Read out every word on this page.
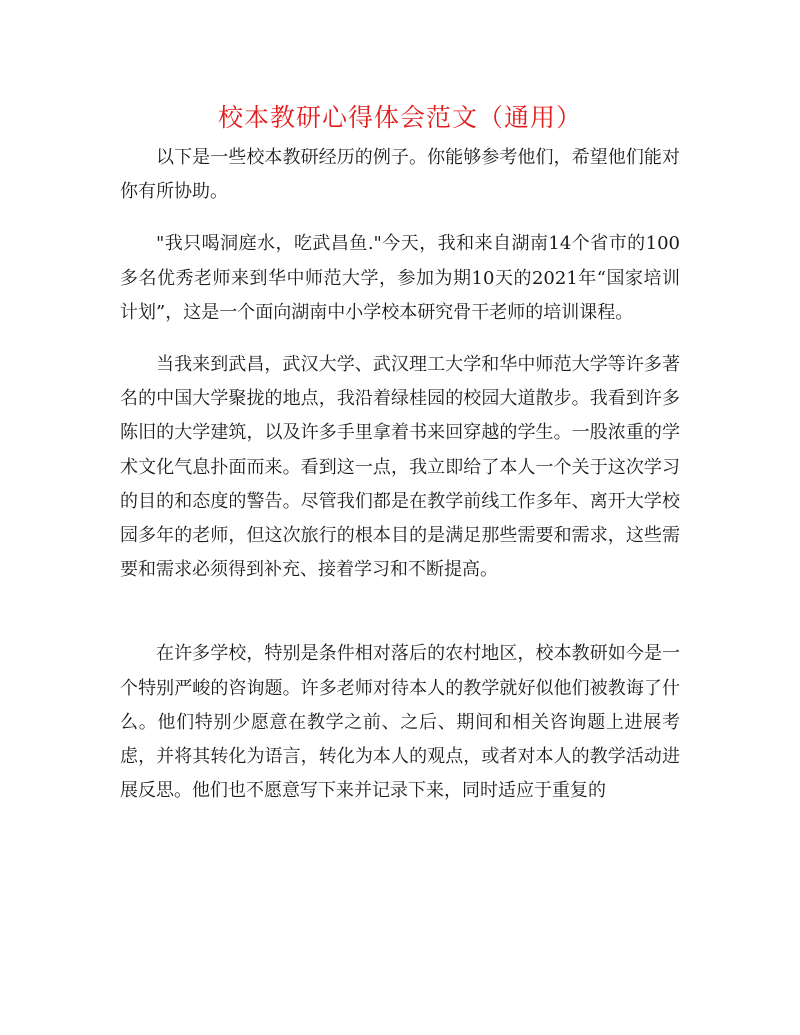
校本教研心得体会范文（通用）

以下是一些校本教研经历的例子。你能够参考他们，希望他们能对你有所协助。

"我只喝洞庭水，吃武昌鱼."今天，我和来自湖南14个省市的100多名优秀老师来到华中师范大学，参加为期10天的2021年“国家培训计划”，这是一个面向湖南中小学校本研究骨干老师的培训课程。

当我来到武昌，武汉大学、武汉理工大学和华中师范大学等许多著名的中国大学聚拢的地点，我沿着绿桂园的校园大道散步。我看到许多陈旧的大学建筑，以及许多手里拿着书来回穿越的学生。一股浓重的学术文化气息扑面而来。看到这一点，我立即给了本人一个关于这次学习的目的和态度的警告。尽管我们都是在教学前线工作多年、离开大学校园多年的老师，但这次旅行的根本目的是满足那些需要和需求，这些需要和需求必须得到补充、接着学习和不断提高。

在许多学校，特别是条件相对落后的农村地区，校本教研如今是一个特别严峻的咨询题。许多老师对待本人的教学就好似他们被教诲了什么。他们特别少愿意在教学之前、之后、期间和相关咨询题上进展考虑，并将其转化为语言，转化为本人的观点，或者对本人的教学活动进展反思。他们也不愿意写下来并记录下来，同时适应于重复的
